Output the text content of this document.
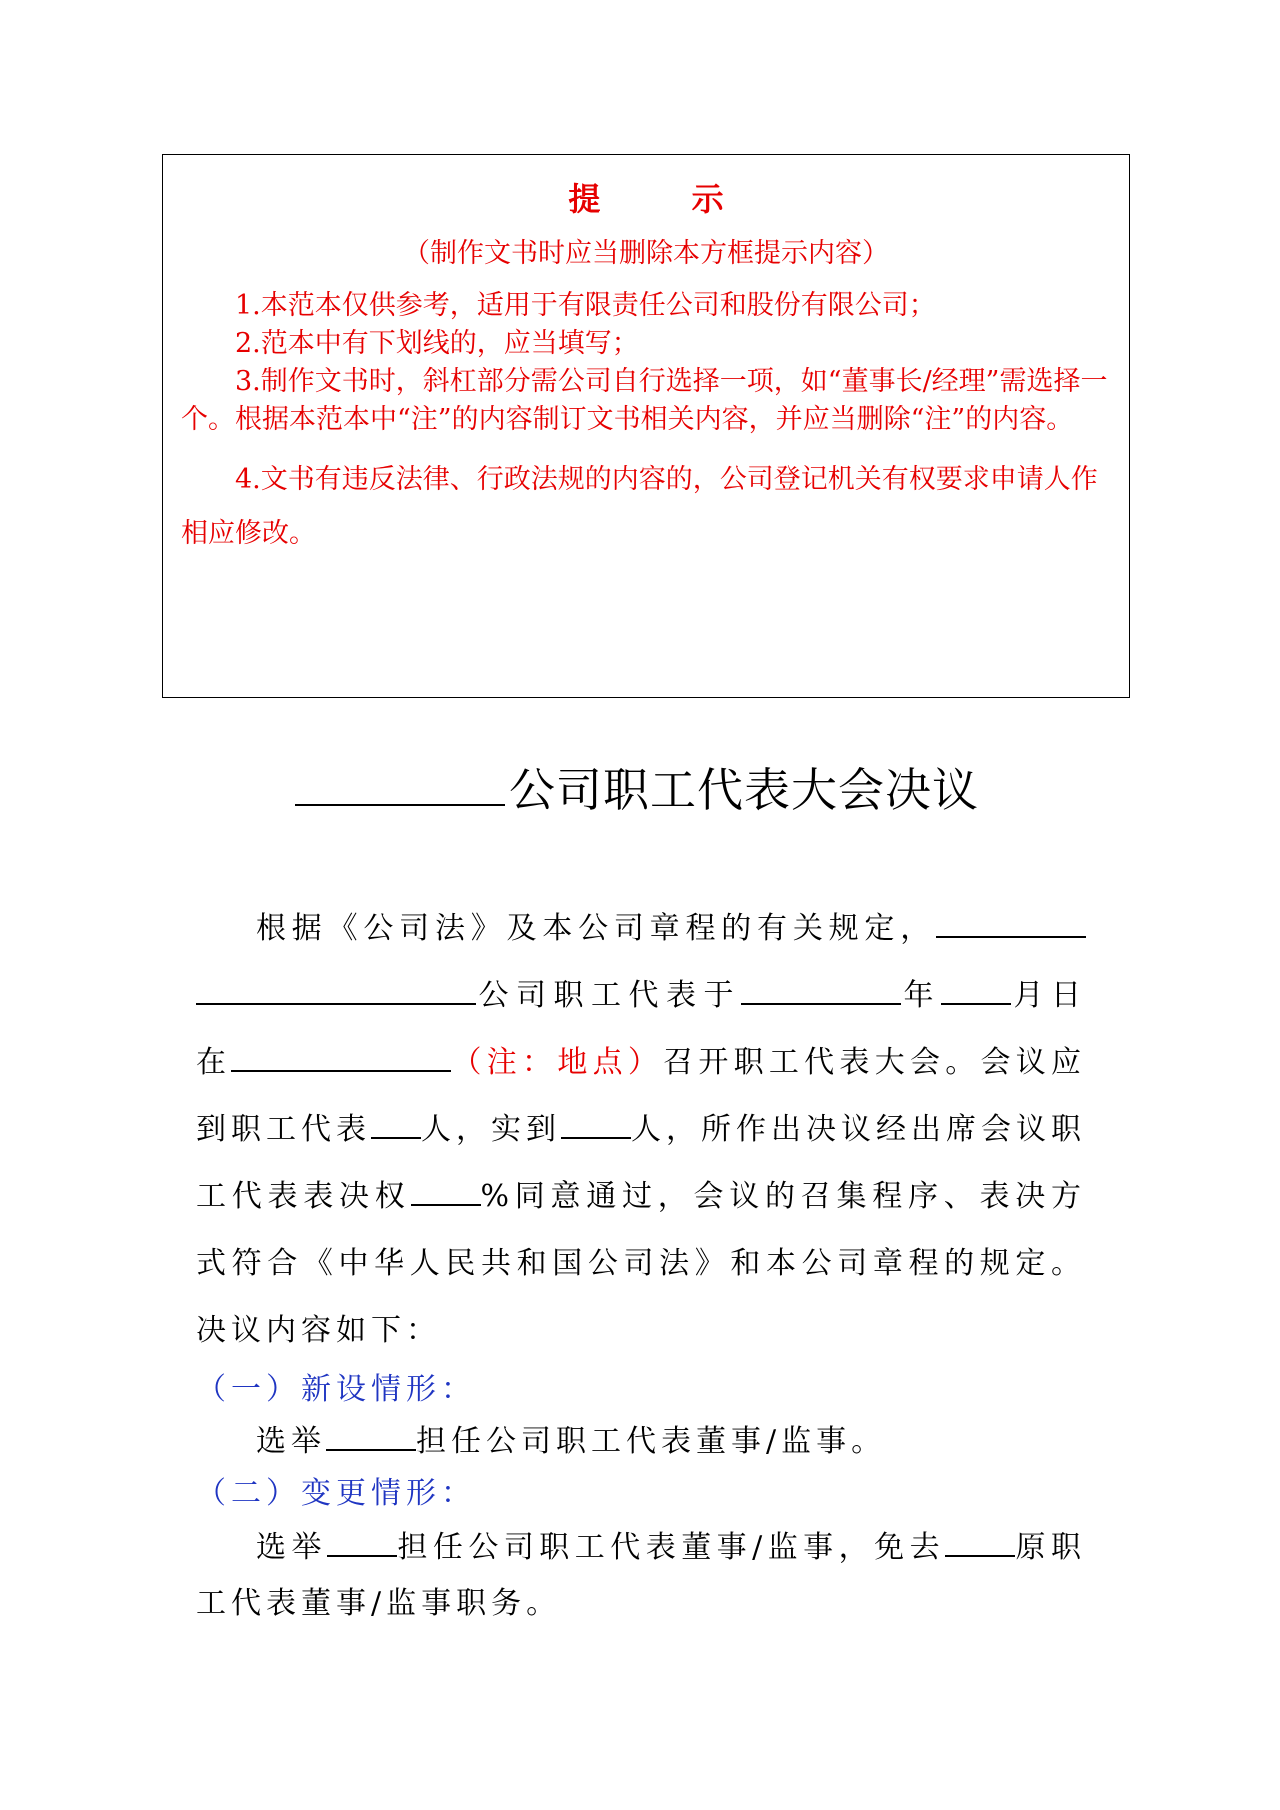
提 示
（制作文书时应当删除本方框提示内容）

1.本范本仅供参考，适用于有限责任公司和股份有限公司；

2.范本中有下划线的，应当填写；

3.制作文书时，斜杠部分需公司自行选择一项，如“董事长/经理”需选择一个。根据本范本中“注”的内容制订文书相关内容，并应当删除“注”的内容。

4.文书有违反法律、行政法规的内容的，公司登记机关有权要求申请人作相应修改。

公司职工代表大会决议

根据《公司法》及本公司章程的有关规定，公司职工代表于	年 月日在	（注：地点）召开职工代表大会。会议应到职工代表 人，实到 人，所作出决议经出席会议职工代表表决权 %同意通过，会议的召集程序、表决方式符合《中华人民共和国公司法》和本公司章程的规定。决议内容如下：

（一）新设情形：

选举	担任公司职工代表董事/监事。

（二）变更情形：

选举 担任公司职工代表董事/监事，免去 原职工代表董事/监事职务。
